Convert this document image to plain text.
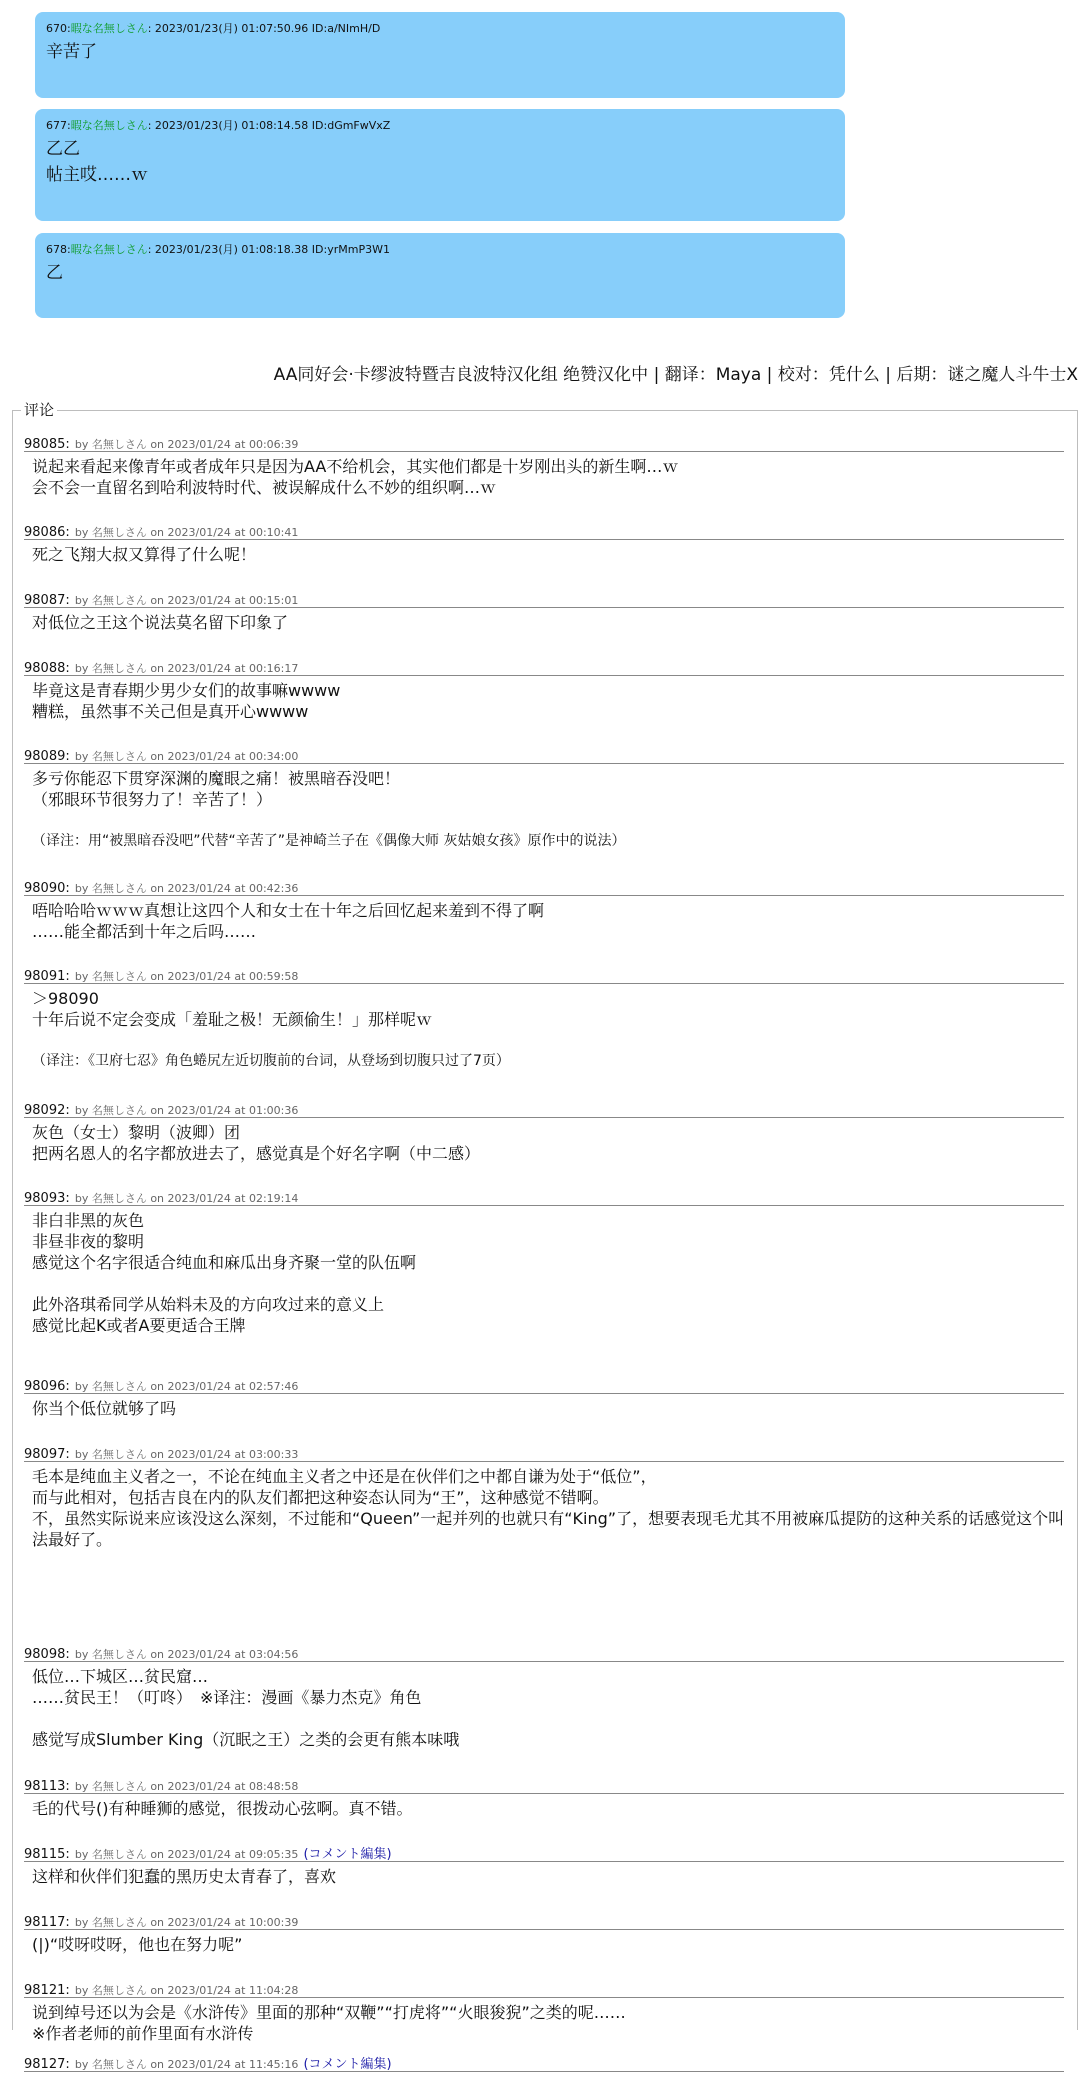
670:暇な名無しさん: 2023/01/23(月) 01:07:50.96 ID:a/NImH/D
辛苦了
677:暇な名無しさん: 2023/01/23(月) 01:08:14.58 ID:dGmFwVxZ
乙乙
帖主哎……ｗ
678:暇な名無しさん: 2023/01/23(月) 01:08:18.38 ID:yrMmP3W1
乙
AA同好会·卡缪波特暨吉良波特汉化组 绝赞汉化中 | 翻译：Maya | 校对：凭什么 | 后期：谜之魔人斗牛士X
评论
98085: by 名無しさん on 2023/01/24 at 00:06:39
说起来看起来像青年或者成年只是因为AA不给机会，其实他们都是十岁刚出头的新生啊…ｗ
会不会一直留名到哈利波特时代、被误解成什么不妙的组织啊…ｗ
98086: by 名無しさん on 2023/01/24 at 00:10:41
死之飞翔大叔又算得了什么呢！
98087: by 名無しさん on 2023/01/24 at 00:15:01
对低位之王这个说法莫名留下印象了
98088: by 名無しさん on 2023/01/24 at 00:16:17
毕竟这是青春期少男少女们的故事嘛wwww
糟糕，虽然事不关己但是真开心wwww
98089: by 名無しさん on 2023/01/24 at 00:34:00
多亏你能忍下贯穿深渊的魔眼之痛！被黑暗吞没吧！
（邪眼环节很努力了！辛苦了！）

（译注：用“被黑暗吞没吧”代替“辛苦了”是神崎兰子在《偶像大师 灰姑娘女孩》原作中的说法）
98090: by 名無しさん on 2023/01/24 at 00:42:36
唔哈哈哈ｗｗｗ真想让这四个人和女士在十年之后回忆起来羞到不得了啊
……能全都活到十年之后吗……
98091: by 名無しさん on 2023/01/24 at 00:59:58
＞98090
十年后说不定会变成「羞耻之极！无颜偷生！」那样呢ｗ

（译注：《卫府七忍》角色蜷尻左近切腹前的台词，从登场到切腹只过了7页）
98092: by 名無しさん on 2023/01/24 at 01:00:36
灰色（女士）黎明（波卿）团
把两名恩人的名字都放进去了，感觉真是个好名字啊（中二感）
98093: by 名無しさん on 2023/01/24 at 02:19:14
非白非黑的灰色
非昼非夜的黎明
感觉这个名字很适合纯血和麻瓜出身齐聚一堂的队伍啊

此外洛琪希同学从始料未及的方向攻过来的意义上
感觉比起K或者A要更适合王牌
98096: by 名無しさん on 2023/01/24 at 02:57:46
你当个低位就够了吗
98097: by 名無しさん on 2023/01/24 at 03:00:33
毛本是纯血主义者之一，不论在纯血主义者之中还是在伙伴们之中都自谦为处于“低位”，
而与此相对，包括吉良在内的队友们都把这种姿态认同为“王”，这种感觉不错啊。
不，虽然实际说来应该没这么深刻，不过能和“Queen”一起并列的也就只有“King”了，想要表现毛尤其不用被麻瓜提防的这种关系的话感觉这个叫法最好了。
98098: by 名無しさん on 2023/01/24 at 03:04:56
低位…下城区…贫民窟…
……贫民王！（叮咚）　※译注：漫画《暴力杰克》角色

感觉写成Slumber King（沉眠之王）之类的会更有熊本味哦
98113: by 名無しさん on 2023/01/24 at 08:48:58
毛的代号()有种睡狮的感觉，很拨动心弦啊。真不错。
98115: by 名無しさん on 2023/01/24 at 09:05:35 (コメント編集)
这样和伙伴们犯蠢的黑历史太青春了，喜欢
98117: by 名無しさん on 2023/01/24 at 10:00:39
(|)“哎呀哎呀，他也在努力呢”
98121: by 名無しさん on 2023/01/24 at 11:04:28
说到绰号还以为会是《水浒传》里面的那种“双鞭”“打虎将”“火眼狻猊”之类的呢……
※作者老师的前作里面有水浒传
98127: by 名無しさん on 2023/01/24 at 11:45:16 (コメント編集)
